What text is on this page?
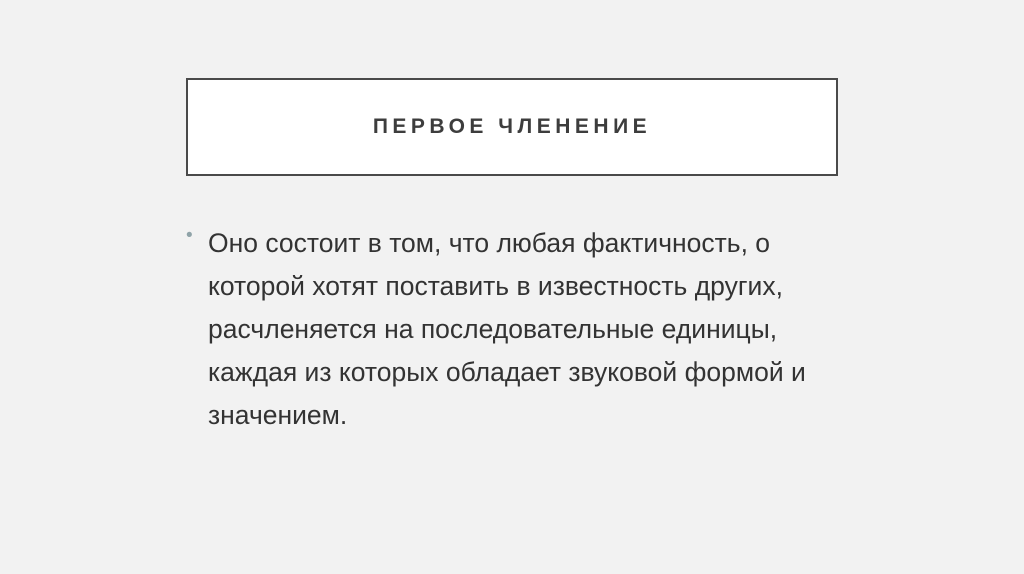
ПЕРВОЕ ЧЛЕНЕНИЕ
• Оно состоит в том, что любая фактичность, о которой хотят поставить в известность других, расчленяется на последовательные единицы, каждая из которых обладает звуковой формой и значением.
